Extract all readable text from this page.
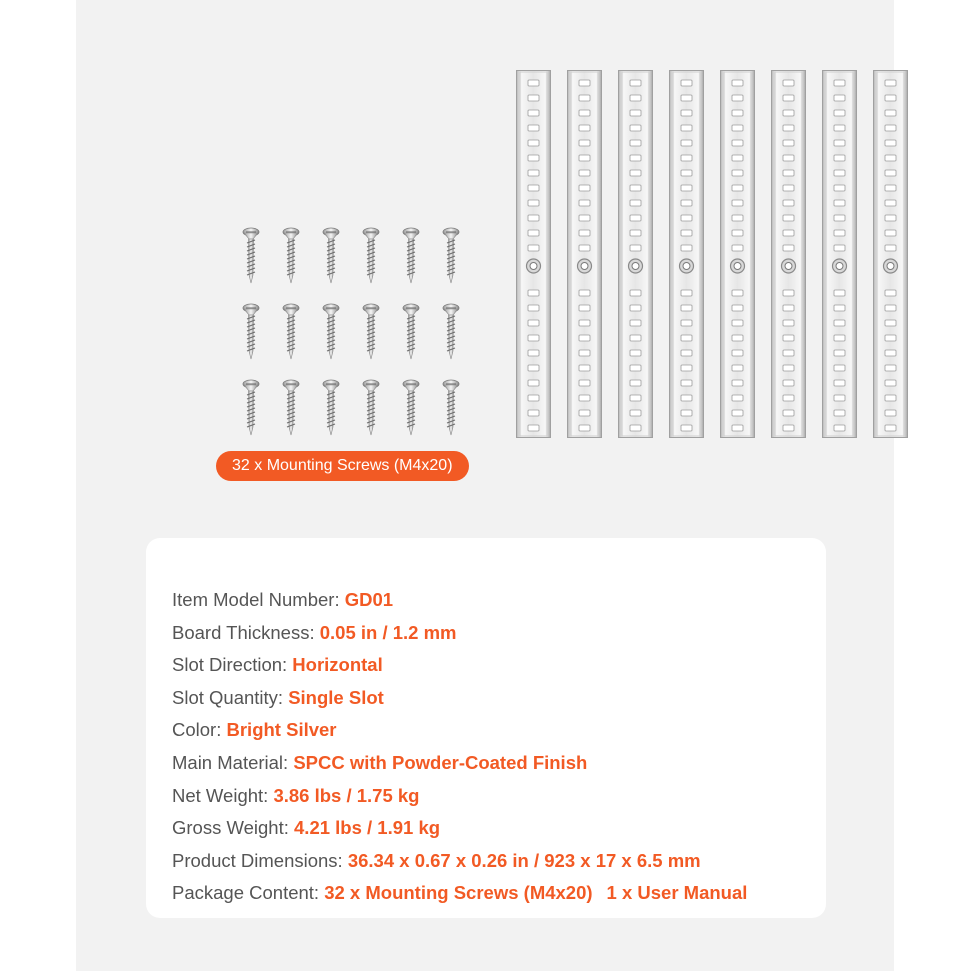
32 x Mounting Screws (M4x20)
Item Model Number: GD01
Board Thickness: 0.05 in / 1.2 mm
Slot Direction: Horizontal
Slot Quantity: Single Slot
Color: Bright Silver
Main Material: SPCC with Powder-Coated Finish
Net Weight: 3.86 lbs / 1.75 kg
Gross Weight: 4.21 lbs / 1.91 kg
Product Dimensions: 36.34 x 0.67 x 0.26 in / 923 x 17 x 6.5 mm
Package Content: 32 x Mounting Screws (M4x20) 1 x User Manual
